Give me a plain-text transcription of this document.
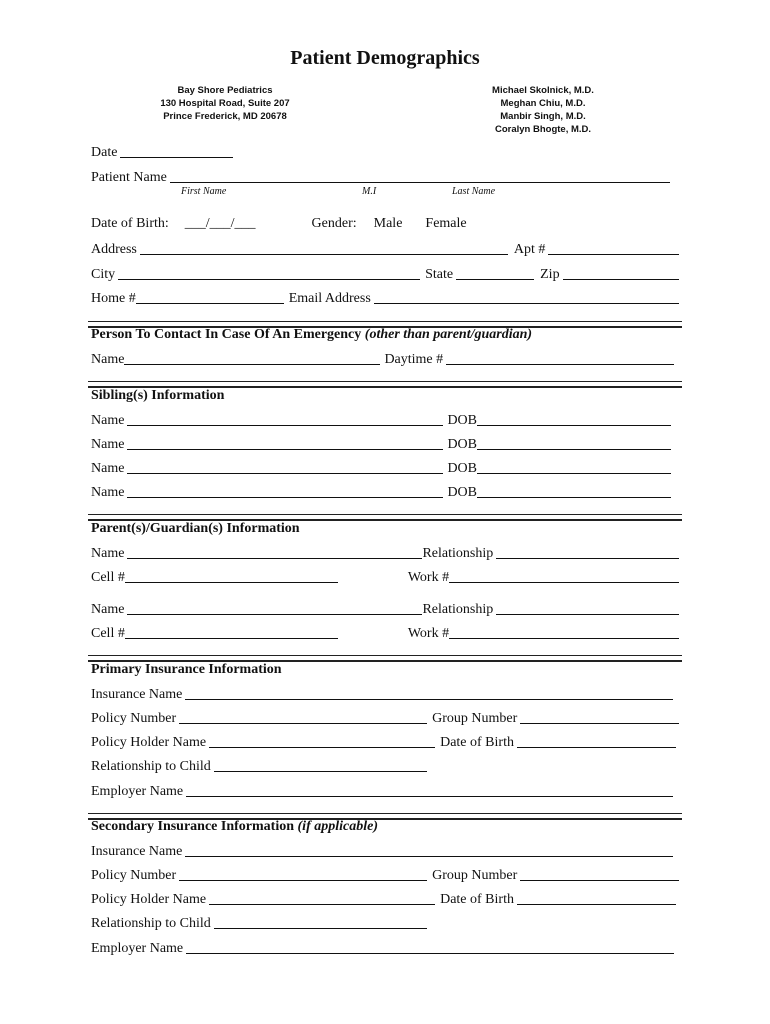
Patient Demographics
Bay Shore Pediatrics
130 Hospital Road, Suite 207
Prince Frederick, MD 20678
Michael Skolnick, M.D.
Meghan Chiu, M.D.
Manbir Singh, M.D.
Coralyn Bhogte, M.D.
Date
Patient Name
First Name	M.I	Last Name
Date of Birth: ___/___/___	Gender: Male Female
Address	Apt #
City	State	Zip
Home #	Email Address
Person To Contact In Case Of An Emergency (other than parent/guardian)
Name	Daytime #
Sibling(s) Information
Name	DOB
Name	DOB
Name	DOB
Name	DOB
Parent(s)/Guardian(s) Information
Name	Relationship
Cell #	Work #
Name	Relationship
Cell #	Work #
Primary Insurance Information
Insurance Name
Policy Number	Group Number
Policy Holder Name	Date of Birth
Relationship to Child
Employer Name
Secondary Insurance Information (if applicable)
Insurance Name
Policy Number	Group Number
Policy Holder Name	Date of Birth
Relationship to Child
Employer Name
